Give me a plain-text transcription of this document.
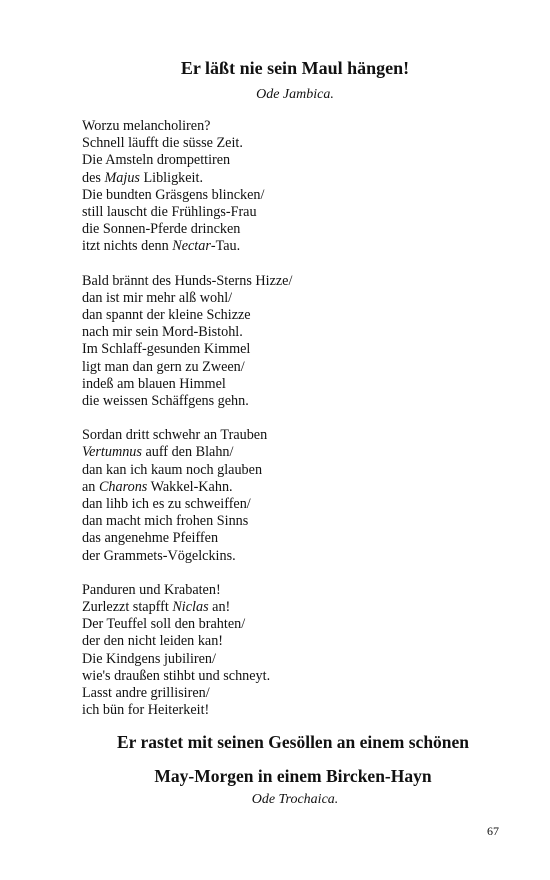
Er läßt nie sein Maul hängen!

Ode Jambica.

Worzu melancholiren?
Schnell läufft die süsse Zeit.
Die Amsteln drompettiren
des Majus Libligkeit.
Die bundten Gräsgens blincken/
still lauscht die Frühlings-Frau
die Sonnen-Pferde drincken
itzt nichts denn Nectar-Tau.
Bald brännt des Hunds-Sterns Hizze/
dan ist mir mehr alß wohl/
dan spannt der kleine Schizze
nach mir sein Mord-Bistohl.
Im Schlaff-gesunden Kimmel
ligt man dan gern zu Zween/
indeß am blauen Himmel
die weissen Schäffgens gehn.
Sordan dritt schwehr an Trauben
Vertumnus auff den Blahn/
dan kan ich kaum noch glauben
an Charons Wakkel-Kahn.
dan lihb ich es zu schweiffen/
dan macht mich frohen Sinns
das angenehme Pfeiffen
der Grammets-Vögelckins.
Panduren und Krabaten!
Zurlezzt stapfft Niclas an!
Der Teuffel soll den brahten/
der den nicht leiden kan!
Die Kindgens jubiliren/
wie's draußen stihbt und schneyt.
Lasst andre grillisiren/
ich bün for Heiterkeit!
Er rastet mit seinen Gesöllen an einem schönen
May-Morgen in einem Bircken-Hayn

Ode Trochaica.

67
